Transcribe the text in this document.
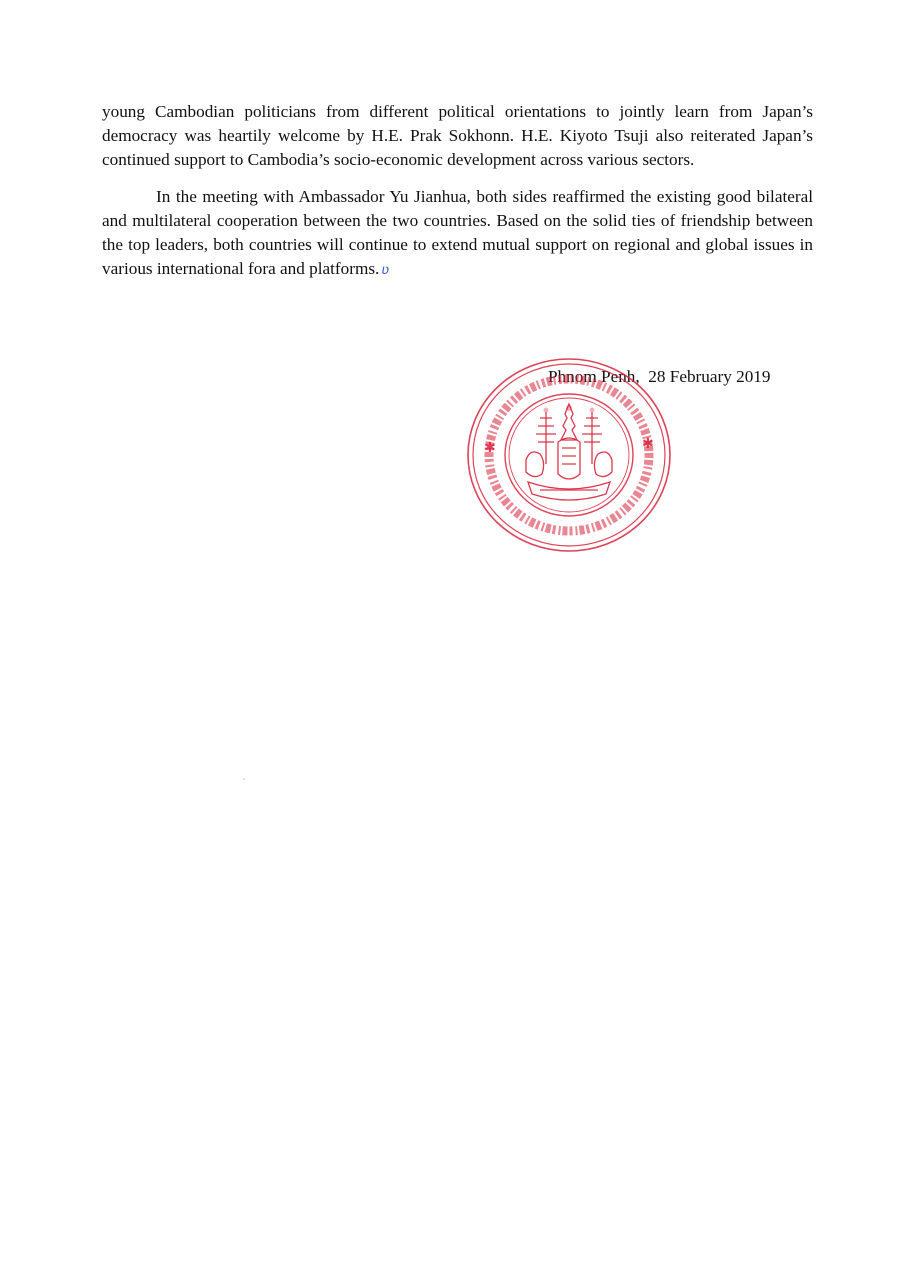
young Cambodian politicians from different political orientations to jointly learn from Japan’s democracy was heartily welcome by H.E. Prak Sokhonn. H.E. Kiyoto Tsuji also reiterated Japan’s continued support to Cambodia’s socio-economic development across various sectors.

In the meeting with Ambassador Yu Jianhua, both sides reaffirmed the existing good bilateral and multilateral cooperation between the two countries. Based on the solid ties of friendship between the top leaders, both countries will continue to extend mutual support on regional and global issues in various international fora and platforms. ʋ

Phnom Penh,  28 February 2019
✱	✱
